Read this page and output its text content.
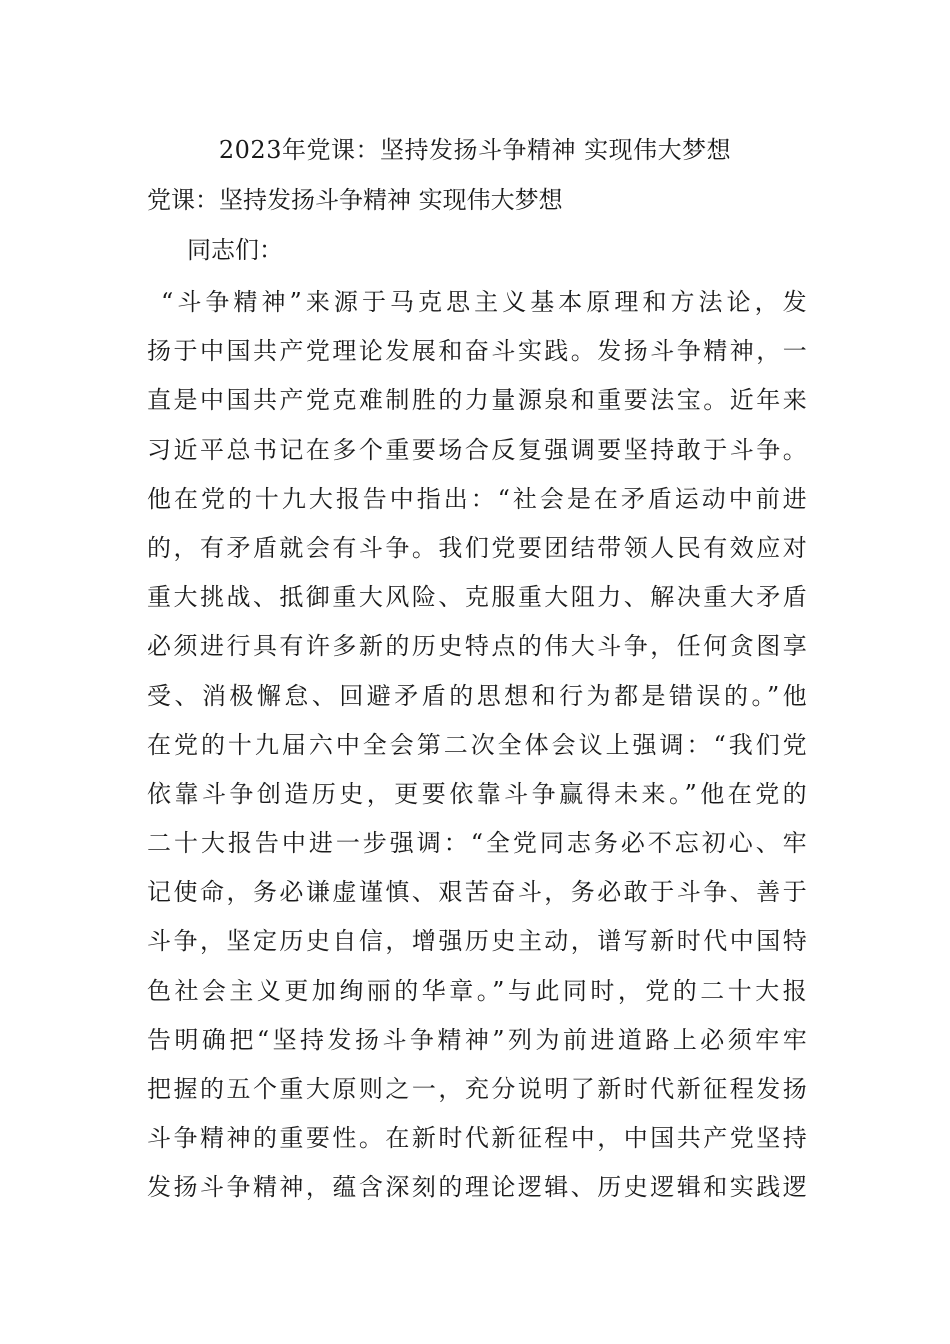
2023年党课：坚持发扬斗争精神 实现伟大梦想
党课：坚持发扬斗争精神 实现伟大梦想
同志们：
“斗争精神”来源于马克思主义基本原理和方法论，发
扬于中国共产党理论发展和奋斗实践。发扬斗争精神，一
直是中国共产党克难制胜的力量源泉和重要法宝。近年来
习近平总书记在多个重要场合反复强调要坚持敢于斗争。
他在党的十九大报告中指出：“社会是在矛盾运动中前进
的，有矛盾就会有斗争。我们党要团结带领人民有效应对
重大挑战、抵御重大风险、克服重大阻力、解决重大矛盾
必须进行具有许多新的历史特点的伟大斗争，任何贪图享
受、消极懈怠、回避矛盾的思想和行为都是错误的。”他
在党的十九届六中全会第二次全体会议上强调：“我们党
依靠斗争创造历史，更要依靠斗争赢得未来。”他在党的
二十大报告中进一步强调：“全党同志务必不忘初心、牢
记使命，务必谦虚谨慎、艰苦奋斗，务必敢于斗争、善于
斗争，坚定历史自信，增强历史主动，谱写新时代中国特
色社会主义更加绚丽的华章。”与此同时，党的二十大报
告明确把“坚持发扬斗争精神”列为前进道路上必须牢牢
把握的五个重大原则之一，充分说明了新时代新征程发扬
斗争精神的重要性。在新时代新征程中，中国共产党坚持
发扬斗争精神，蕴含深刻的理论逻辑、历史逻辑和实践逻
